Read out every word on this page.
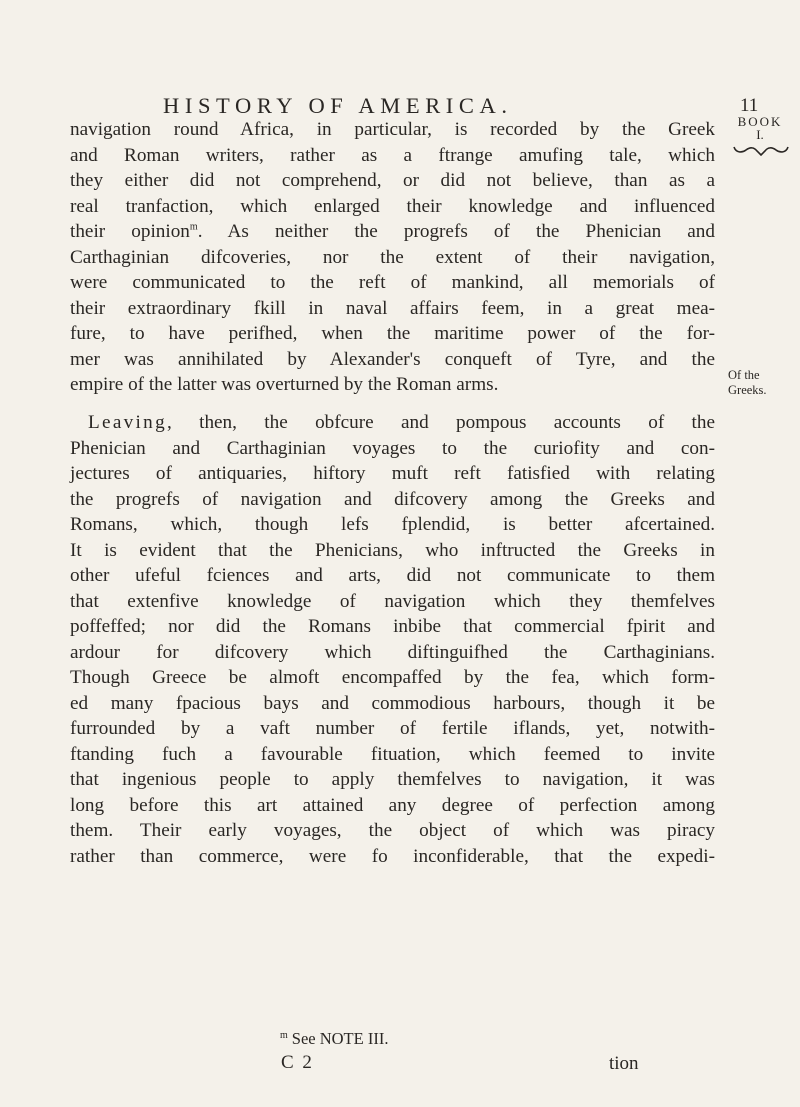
HISTORY OF AMERICA.	11
BOOK
I.
navigation round Africa, in particular, is recorded by the Greek
and Roman writers, rather as a ftrange amufing tale, which
they either did not comprehend, or did not believe, than as a
real tranfaction, which enlarged their knowledge and influenced
their opinion$^m$. As neither the progrefs of the Phenician and
Carthaginian difcoveries, nor the extent of their navigation,
were communicated to the reft of mankind, all memorials of
their extraordinary fkill in naval affairs feem, in a great mea-
fure, to have perifhed, when the maritime power of the for-
mer was annihilated by Alexander's conqueft of Tyre, and the
empire of the latter was overturned by the Roman arms.
Leaving, then, the obfcure and pompous accounts of the
Phenician and Carthaginian voyages to the curiofity and con-
jectures of antiquaries, hiftory muft reft fatisfied with relating
the progrefs of navigation and difcovery among the Greeks and
Romans, which, though lefs fplendid, is better afcertained.
It is evident that the Phenicians, who inftructed the Greeks in
other ufeful fciences and arts, did not communicate to them
that extenfive knowledge of navigation which they themfelves
poffeffed; nor did the Romans inbibe that commercial fpirit and
ardour for difcovery which diftinguifhed the Carthaginians.
Though Greece be almoft encompaffed by the fea, which form-
ed many fpacious bays and commodious harbours, though it be
furrounded by a vaft number of fertile iflands, yet, notwith-
ftanding fuch a favourable fituation, which feemed to invite
that ingenious people to apply themfelves to navigation, it was
long before this art attained any degree of perfection among
them. Their early voyages, the object of which was piracy
rather than commerce, were fo inconfiderable, that the expedi-
Of the
Greeks.
$^m$ See NOTE III.
C 2	tion
